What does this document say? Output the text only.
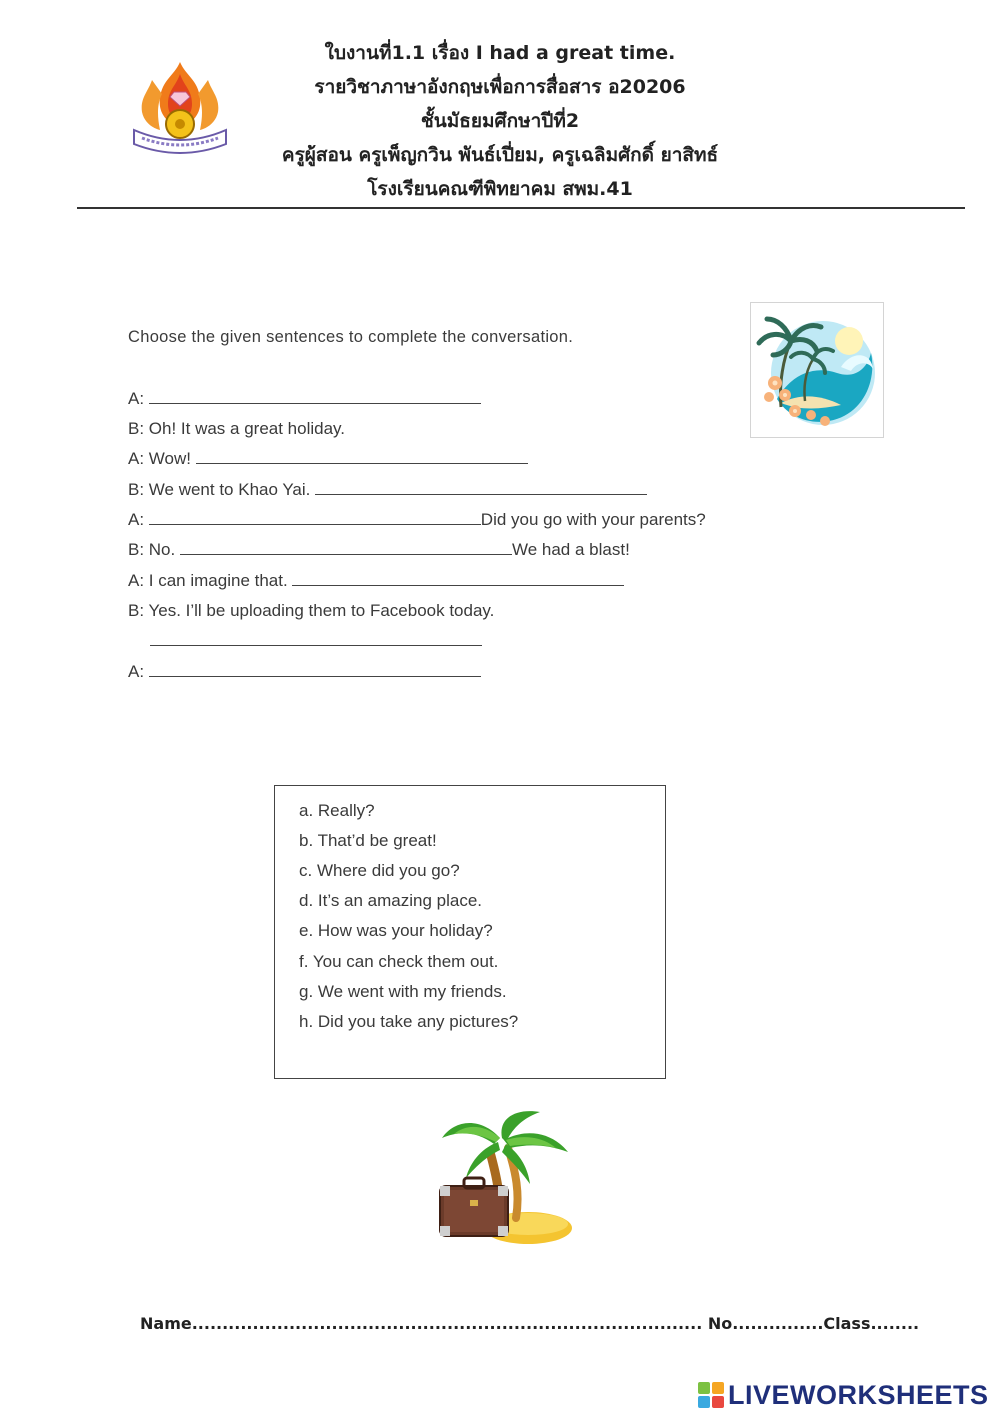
ใบงานที่1.1 เรื่อง I had a great time.
รายวิชาภาษาอังกฤษเพื่อการสื่อสาร อ20206
ชั้นมัธยมศึกษาปีที่2
ครูผู้สอน ครูเพ็ญกวิน พันธ์เปี่ยม, ครูเฉลิมศักดิ์ ยาสิทธ์
โรงเรียนคณฑีพิทยาคม สพม.41
Choose the given sentences to complete the conversation.
A:
B: Oh! It was a great holiday.
A: Wow!
B: We went to Khao Yai.
A:	Did you go with your parents?
B: No.	We had a blast!
A: I can imagine that.
B: Yes. I’ll be uploading them to Facebook today.
A:
a. Really?
b. That’d be great!
c. Where did you go?
d. It’s an amazing place.
e. How was your holiday?
f. You can check them out.
g. We went with my friends.
h. Did you take any pictures?
Name.................................................................................... No...............Class........
LIVEWORKSHEETS
